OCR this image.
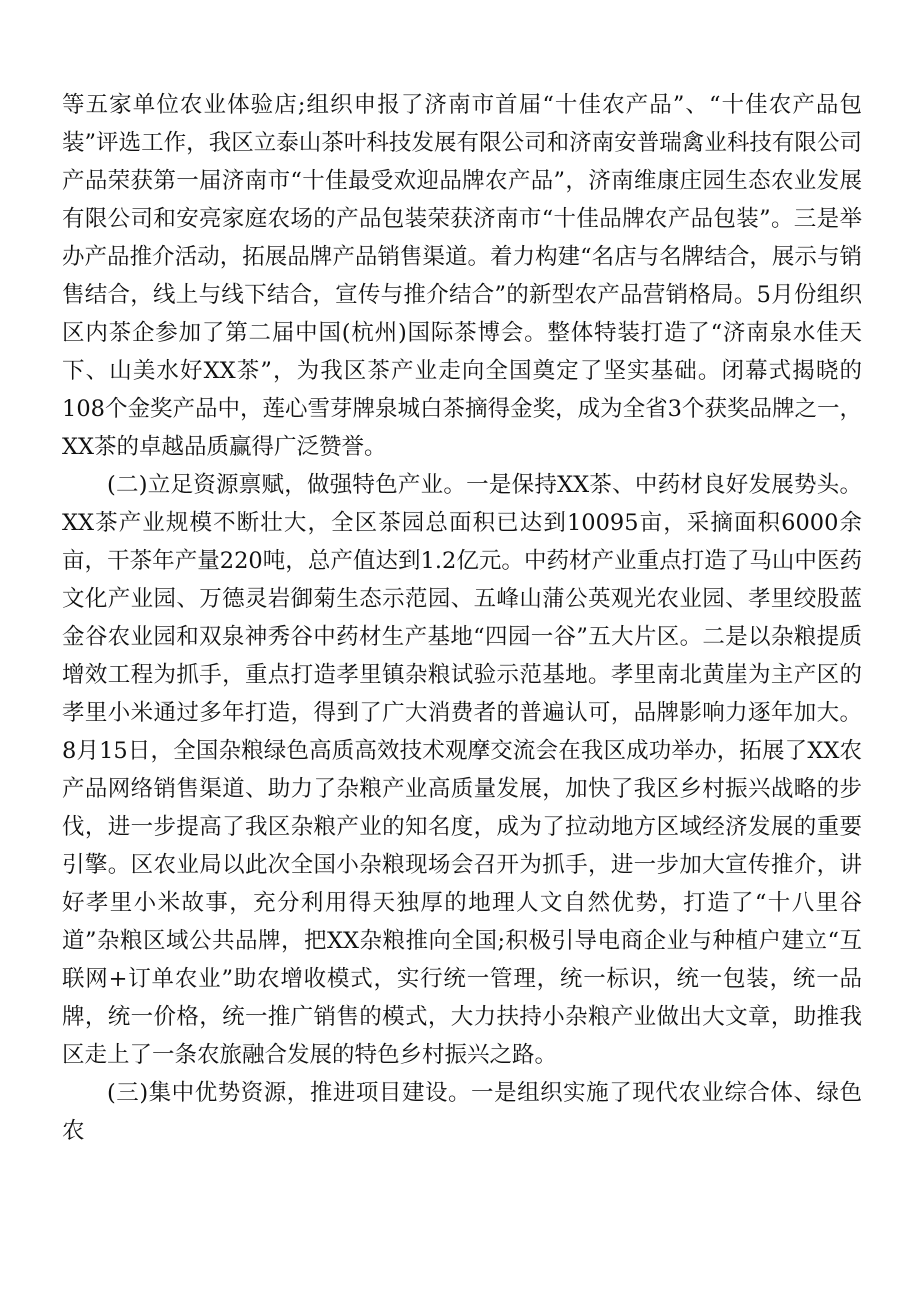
等五家单位农业体验店;组织申报了济南市首届“十佳农产品”、“十佳农产品包装”评选工作，我区立泰山茶叶科技发展有限公司和济南安普瑞禽业科技有限公司产品荣获第一届济南市“十佳最受欢迎品牌农产品”，济南维康庄园生态农业发展有限公司和安亮家庭农场的产品包装荣获济南市“十佳品牌农产品包装”。三是举办产品推介活动，拓展品牌产品销售渠道。着力构建“名店与名牌结合，展示与销售结合，线上与线下结合，宣传与推介结合”的新型农产品营销格局。5月份组织区内茶企参加了第二届中国(杭州)国际茶博会。整体特装打造了“济南泉水佳天下、山美水好XX茶”，为我区茶产业走向全国奠定了坚实基础。闭幕式揭晓的108个金奖产品中，莲心雪芽牌泉城白茶摘得金奖，成为全省3个获奖品牌之一，XX茶的卓越品质赢得广泛赞誉。

(二)立足资源禀赋，做强特色产业。一是保持XX茶、中药材良好发展势头。XX茶产业规模不断壮大，全区茶园总面积已达到10095亩，采摘面积6000余亩，干茶年产量220吨，总产值达到1.2亿元。中药材产业重点打造了马山中医药文化产业园、万德灵岩御菊生态示范园、五峰山蒲公英观光农业园、孝里绞股蓝金谷农业园和双泉神秀谷中药材生产基地“四园一谷”五大片区。二是以杂粮提质增效工程为抓手，重点打造孝里镇杂粮试验示范基地。孝里南北黄崖为主产区的孝里小米通过多年打造，得到了广大消费者的普遍认可，品牌影响力逐年加大。8月15日，全国杂粮绿色高质高效技术观摩交流会在我区成功举办，拓展了XX农产品网络销售渠道、助力了杂粮产业高质量发展，加快了我区乡村振兴战略的步伐，进一步提高了我区杂粮产业的知名度，成为了拉动地方区域经济发展的重要引擎。区农业局以此次全国小杂粮现场会召开为抓手，进一步加大宣传推介，讲好孝里小米故事，充分利用得天独厚的地理人文自然优势，打造了“十八里谷道”杂粮区域公共品牌，把XX杂粮推向全国;积极引导电商企业与种植户建立“互联网+订单农业”助农增收模式，实行统一管理，统一标识，统一包装，统一品牌，统一价格，统一推广销售的模式，大力扶持小杂粮产业做出大文章，助推我区走上了一条农旅融合发展的特色乡村振兴之路。

(三)集中优势资源，推进项目建设。一是组织实施了现代农业综合体、绿色农
